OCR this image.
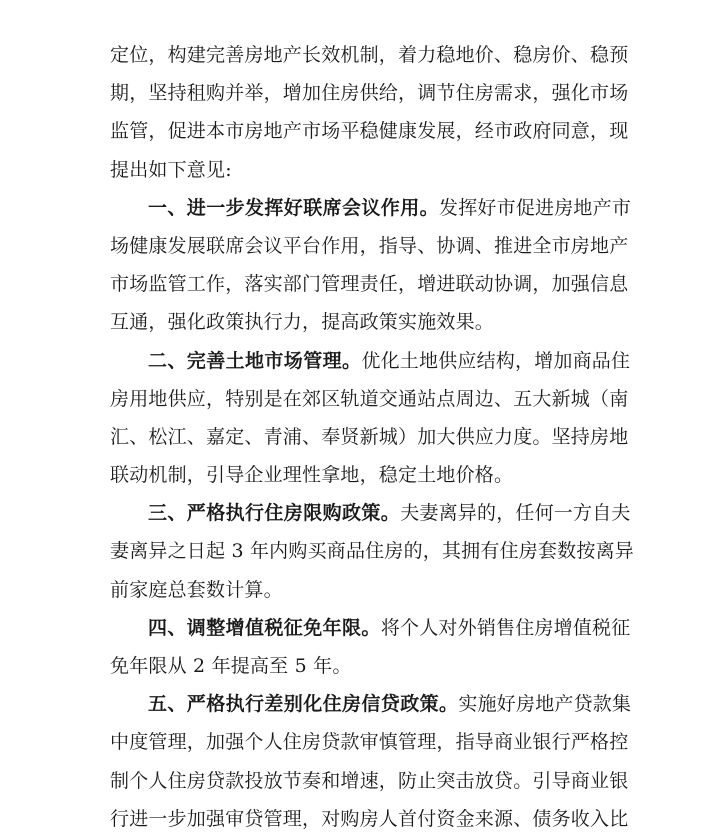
定位，构建完善房地产长效机制，着力稳地价、稳房价、稳预
期，坚持租购并举，增加住房供给，调节住房需求，强化市场
监管，促进本市房地产市场平稳健康发展，经市政府同意，现
提出如下意见:
一、进一步发挥好联席会议作用。发挥好市促进房地产市
场健康发展联席会议平台作用，指导、协调、推进全市房地产
市场监管工作，落实部门管理责任，增进联动协调，加强信息
互通，强化政策执行力，提高政策实施效果。
二、完善土地市场管理。优化土地供应结构，增加商品住
房用地供应，特别是在郊区轨道交通站点周边、五大新城（南
汇、松江、嘉定、青浦、奉贤新城）加大供应力度。坚持房地
联动机制，引导企业理性拿地，稳定土地价格。
三、严格执行住房限购政策。夫妻离异的，任何一方自夫
妻离异之日起 3 年内购买商品住房的，其拥有住房套数按离异
前家庭总套数计算。
四、调整增值税征免年限。将个人对外销售住房增值税征
免年限从 2 年提高至 5 年。
五、严格执行差别化住房信贷政策。实施好房地产贷款集
中度管理，加强个人住房贷款审慎管理，指导商业银行严格控
制个人住房贷款投放节奏和增速，防止突击放贷。引导商业银
行进一步加强审贷管理，对购房人首付资金来源、债务收入比
